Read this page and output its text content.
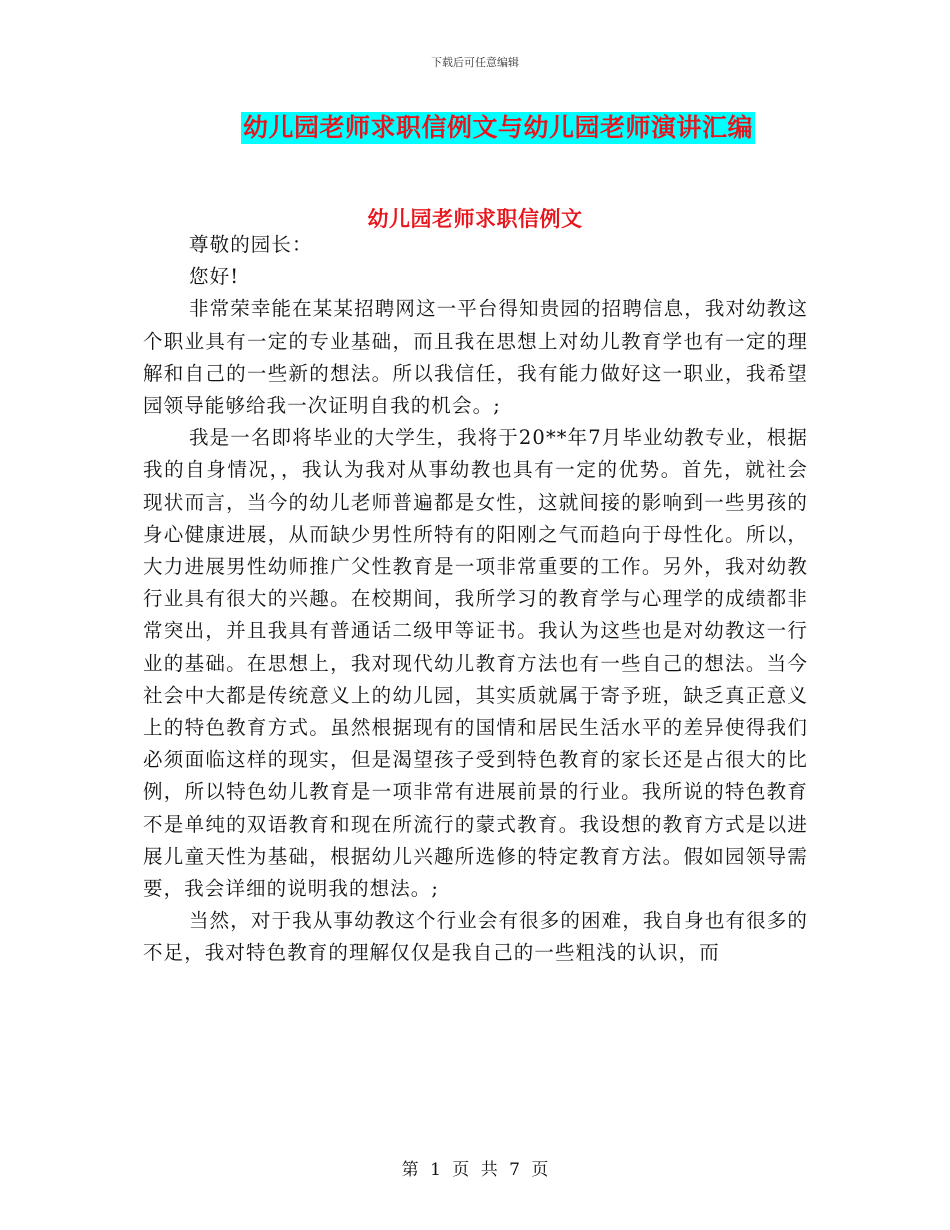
下载后可任意编辑
幼儿园老师求职信例文与幼儿园老师演讲汇编
幼儿园老师求职信例文

尊敬的园长：

您好!

非常荣幸能在某某招聘网这一平台得知贵园的招聘信息，我对幼教这个职业具有一定的专业基础，而且我在思想上对幼儿教育学也有一定的理解和自己的一些新的想法。所以我信任，我有能力做好这一职业，我希望园领导能够给我一次证明自我的机会。;

我是一名即将毕业的大学生，我将于20**年7月毕业幼教专业，根据我的自身情况，，我认为我对从事幼教也具有一定的优势。首先，就社会现状而言，当今的幼儿老师普遍都是女性，这就间接的影响到一些男孩的身心健康进展，从而缺少男性所特有的阳刚之气而趋向于母性化。所以，大力进展男性幼师推广父性教育是一项非常重要的工作。另外，我对幼教行业具有很大的兴趣。在校期间，我所学习的教育学与心理学的成绩都非常突出，并且我具有普通话二级甲等证书。我认为这些也是对幼教这一行业的基础。在思想上，我对现代幼儿教育方法也有一些自己的想法。当今社会中大都是传统意义上的幼儿园，其实质就属于寄予班，缺乏真正意义上的特色教育方式。虽然根据现有的国情和居民生活水平的差异使得我们必须面临这样的现实，但是渴望孩子受到特色教育的家长还是占很大的比例，所以特色幼儿教育是一项非常有进展前景的行业。我所说的特色教育不是单纯的双语教育和现在所流行的蒙式教育。我设想的教育方式是以进展儿童天性为基础，根据幼儿兴趣所选修的特定教育方法。假如园领导需要，我会详细的说明我的想法。;

当然，对于我从事幼教这个行业会有很多的困难，我自身也有很多的不足，我对特色教育的理解仅仅是我自己的一些粗浅的认识，而

第 1 页 共 7 页
